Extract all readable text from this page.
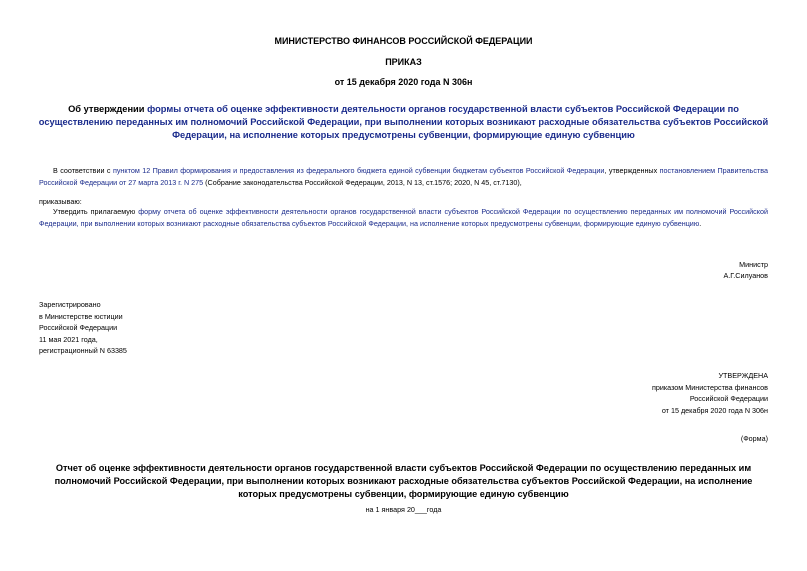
МИНИСТЕРСТВО ФИНАНСОВ РОССИЙСКОЙ ФЕДЕРАЦИИ
ПРИКАЗ
от 15 декабря 2020 года N 306н
Об утверждении формы отчета об оценке эффективности деятельности органов государственной власти субъектов Российской Федерации по осуществлению переданных им полномочий Российской Федерации, при выполнении которых возникают расходные обязательства субъектов Российской Федерации, на исполнение которых предусмотрены субвенции, формирующие единую субвенцию
В соответствии с пунктом 12 Правил формирования и предоставления из федерального бюджета единой субвенции бюджетам субъектов Российской Федерации, утвержденных постановлением Правительства Российской Федерации от 27 марта 2013 г. N 275 (Собрание законодательства Российской Федерации, 2013, N 13, ст.1576; 2020, N 45, ст.7130),
приказываю:
Утвердить прилагаемую форму отчета об оценке эффективности деятельности органов государственной власти субъектов Российской Федерации по осуществлению переданных им полномочий Российской Федерации, при выполнении которых возникают расходные обязательства субъектов Российской Федерации, на исполнение которых предусмотрены субвенции, формирующие единую субвенцию.
Министр
А.Г.Силуанов
Зарегистрировано
в Министерстве юстиции
Российской Федерации
11 мая 2021 года,
регистрационный N 63385
УТВЕРЖДЕНА
приказом Министерства финансов
Российской Федерации
от 15 декабря 2020 года N 306н
(Форма)
Отчет об оценке эффективности деятельности органов государственной власти субъектов Российской Федерации по осуществлению переданных им полномочий Российской Федерации, при выполнении которых возникают расходные обязательства субъектов Российской Федерации, на исполнение которых предусмотрены субвенции, формирующие единую субвенцию
на 1 января 20___года
